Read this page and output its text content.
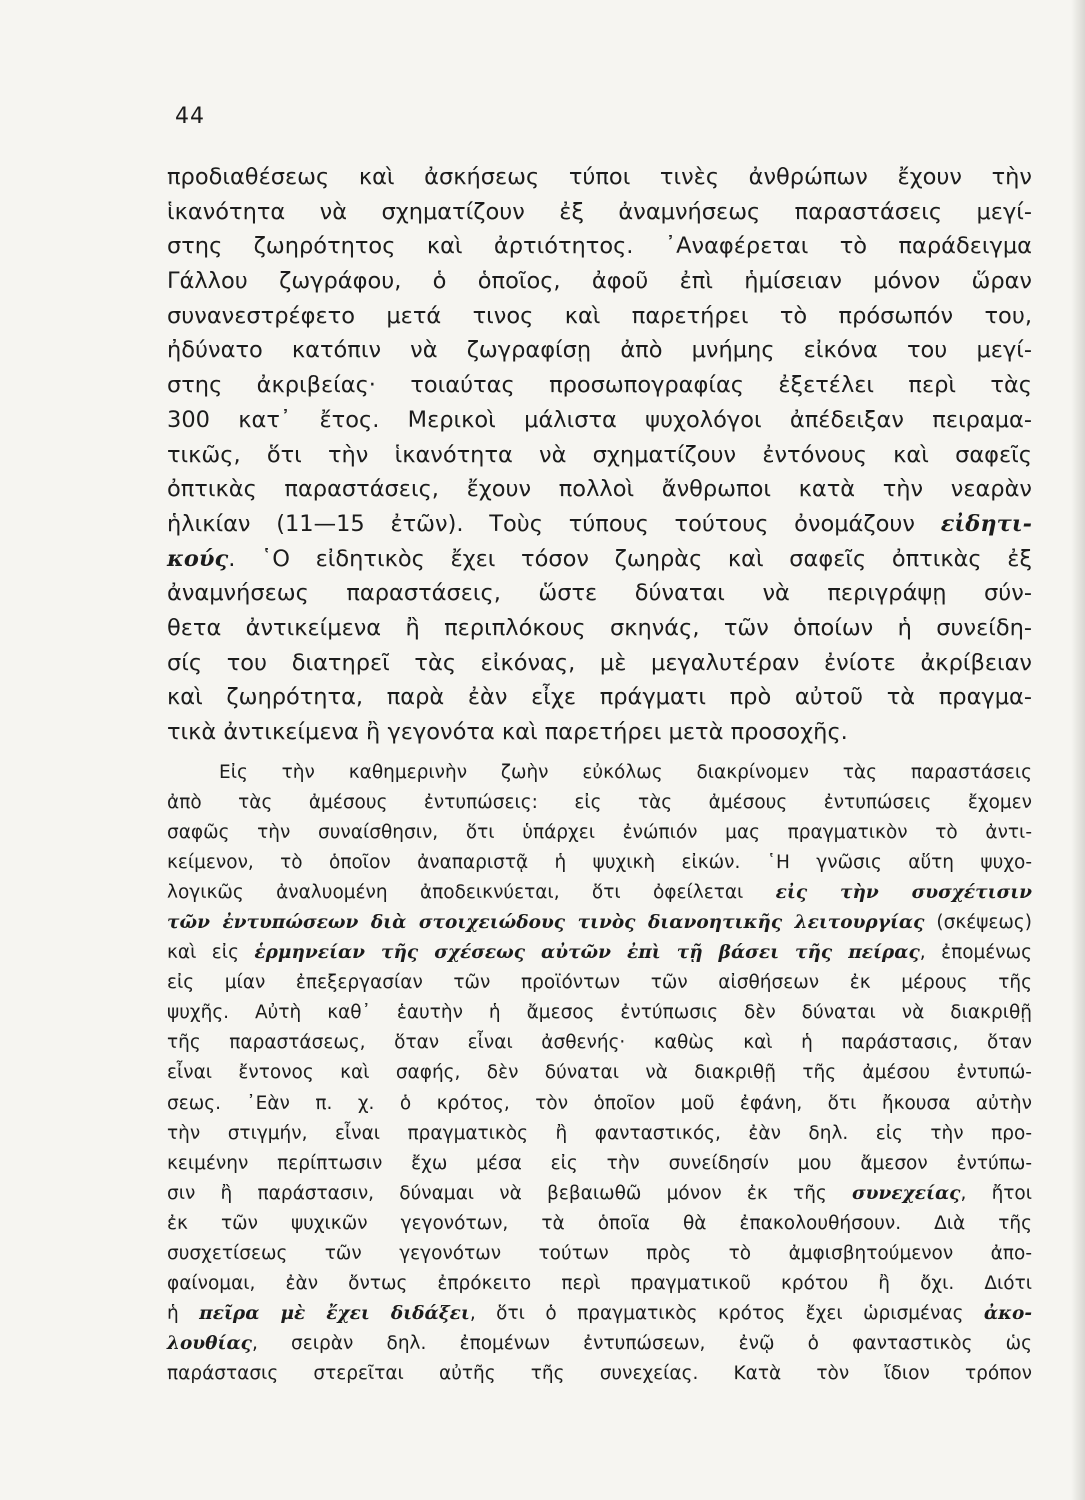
44
προδιαθέσεως καὶ ἀσκήσεως τύποι τινὲς ἀνθρώπων ἔχουν τὴν
ἱκανότητα νὰ σχηματίζουν ἐξ ἀναμνήσεως παραστάσεις μεγί-
στης ζωηρότητος καὶ ἀρτιότητος. ᾿Αναφέρεται τὸ παράδειγμα
Γάλλου ζωγράφου, ὁ ὁποῖος, ἀφοῦ ἐπὶ ἡμίσειαν μόνον ὥραν
συνανεστρέφετο μετά τινος καὶ παρετήρει τὸ πρόσωπόν του,
ἠδύνατο κατόπιν νὰ ζωγραφίσῃ ἀπὸ μνήμης εἰκόνα του μεγί-
στης ἀκριβείας· τοιαύτας προσωπογραφίας ἐξετέλει περὶ τὰς
300 κατ᾿ ἔτος. Μερικοὶ μάλιστα ψυχολόγοι ἀπέδειξαν πειραμα-
τικῶς, ὅτι τὴν ἱκανότητα νὰ σχηματίζουν ἐντόνους καὶ σαφεῖς
ὀπτικὰς παραστάσεις, ἔχουν πολλοὶ ἄνθρωποι κατὰ τὴν νεαρὰν
ἡλικίαν (11—15 ἐτῶν). Τοὺς τύπους τούτους ὀνομάζουν εἰδητι-
κούς. ῾Ο εἰδητικὸς ἔχει τόσον ζωηρὰς καὶ σαφεῖς ὀπτικὰς ἐξ
ἀναμνήσεως παραστάσεις, ὥστε δύναται νὰ περιγράψῃ σύν-
θετα ἀντικείμενα ἢ περιπλόκους σκηνάς, τῶν ὁποίων ἡ συνείδη-
σίς του διατηρεῖ τὰς εἰκόνας, μὲ μεγαλυτέραν ἐνίοτε ἀκρίβειαν
καὶ ζωηρότητα, παρὰ ἐὰν εἶχε πράγματι πρὸ αὐτοῦ τὰ πραγμα-
τικὰ ἀντικείμενα ἢ γεγονότα καὶ παρετήρει μετὰ προσοχῆς.
Εἰς τὴν καθημερινὴν ζωὴν εὐκόλως διακρίνομεν τὰς παραστάσεις
ἀπὸ τὰς ἀμέσους ἐντυπώσεις: εἰς τὰς ἀμέσους ἐντυπώσεις ἔχομεν
σαφῶς τὴν συναίσθησιν, ὅτι ὑπάρχει ἐνώπιόν μας πραγματικὸν τὸ ἀντι-
κείμενον, τὸ ὁποῖον ἀναπαριστᾷ ἡ ψυχικὴ εἰκών. ῾Η γνῶσις αὕτη ψυχο-
λογικῶς ἀναλυομένη ἀποδεικνύεται, ὅτι ὀφείλεται εἰς τὴν συσχέτισιν
τῶν ἐντυπώσεων διὰ στοιχειώδους τινὸς διανοητικῆς λειτουργίας (σκέψεως)
καὶ εἰς ἑρμηνείαν τῆς σχέσεως αὐτῶν ἐπὶ τῇ βάσει τῆς πείρας, ἐπομένως
εἰς μίαν ἐπεξεργασίαν τῶν προϊόντων τῶν αἰσθήσεων ἐκ μέρους τῆς
ψυχῆς. Αὐτὴ καθ᾿ ἑαυτὴν ἡ ἄμεσος ἐντύπωσις δὲν δύναται νὰ διακριθῇ
τῆς παραστάσεως, ὅταν εἶναι ἀσθενής· καθὼς καὶ ἡ παράστασις, ὅταν
εἶναι ἔντονος καὶ σαφής, δὲν δύναται νὰ διακριθῇ τῆς ἀμέσου ἐντυπώ-
σεως. ᾿Εὰν π. χ. ὁ κρότος, τὸν ὁποῖον μοῦ ἐφάνη, ὅτι ἤκουσα αὐτὴν
τὴν στιγμήν, εἶναι πραγματικὸς ἢ φανταστικός, ἐὰν δηλ. εἰς τὴν προ-
κειμένην περίπτωσιν ἔχω μέσα εἰς τὴν συνείδησίν μου ἄμεσον ἐντύπω-
σιν ἢ παράστασιν, δύναμαι νὰ βεβαιωθῶ μόνον ἐκ τῆς συνεχείας, ἤτοι
ἐκ τῶν ψυχικῶν γεγονότων, τὰ ὁποῖα θὰ ἐπακολουθήσουν. Διὰ τῆς
συσχετίσεως τῶν γεγονότων τούτων πρὸς τὸ ἀμφισβητούμενον ἀπο-
φαίνομαι, ἐὰν ὄντως ἐπρόκειτο περὶ πραγματικοῦ κρότου ἢ ὄχι. Διότι
ἡ πεῖρα μὲ ἔχει διδάξει, ὅτι ὁ πραγματικὸς κρότος ἔχει ὡρισμένας ἀκο-
λουθίας, σειρὰν δηλ. ἐπομένων ἐντυπώσεων, ἐνῷ ὁ φανταστικὸς ὡς
παράστασις στερεῖται αὐτῆς τῆς συνεχείας. Κατὰ τὸν ἴδιον τρόπον
